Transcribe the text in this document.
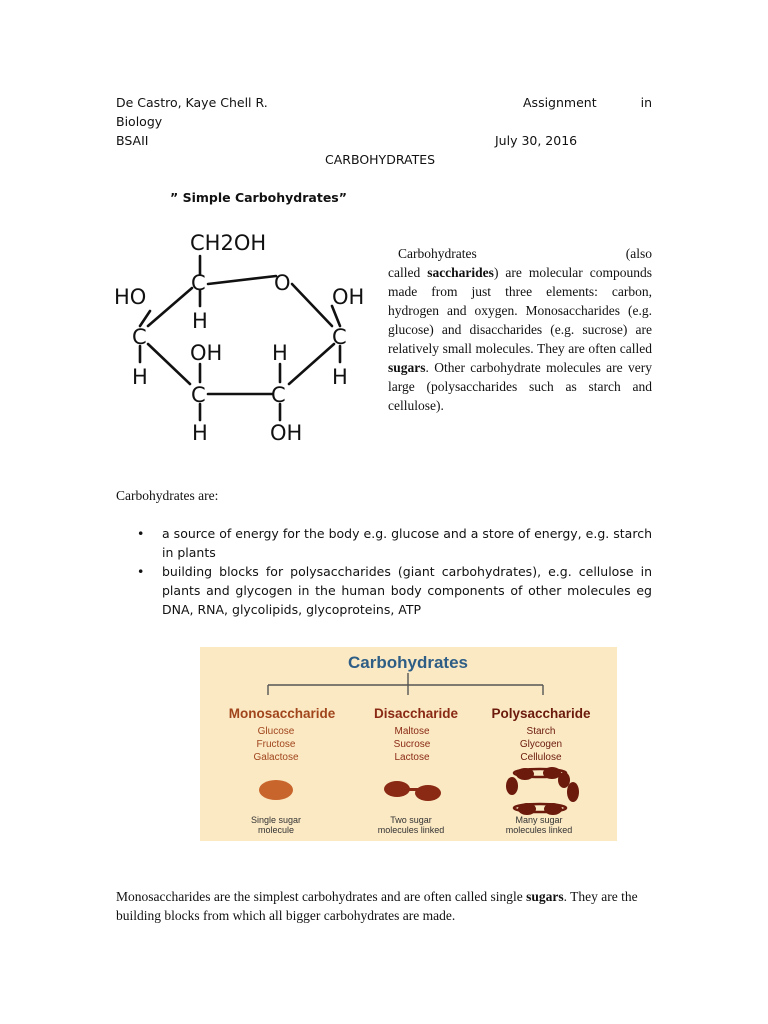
De Castro, Kaye Chell R.	Assignment	in
Biology
BSAII	July 30, 2016
CARBOHYDRATES
” Simple Carbohydrates”
CH2OH
C
H
O
HO	OH
C	C
H	H
OH H
C	C
H	OH
Carbohydrates	(also
called saccharides) are molecular compounds made from just three elements: carbon, hydrogen and oxygen. Monosaccharides (e.g. glucose) and disaccharides (e.g. sucrose) are relatively small molecules. They are often called sugars. Other carbohydrate molecules are very large (polysaccharides such as starch and cellulose).
Carbohydrates are:
• a source of energy for the body e.g. glucose and a store of energy, e.g. starch in plants
• building blocks for polysaccharides (giant carbohydrates), e.g. cellulose in plants and glycogen in the human body components of other molecules eg DNA, RNA, glycolipids, glycoproteins, ATP
Carbohydrates
Monosaccharide
Glucose
Fructose
Galactose
Single sugar
molecule
Disaccharide
Maltose
Sucrose
Lactose
Two sugar
molecules linked
Polysaccharide
Starch
Glycogen
Cellulose
Many sugar
molecules linked
Monosaccharides are the simplest carbohydrates and are often called single sugars. They are the building blocks from which all bigger carbohydrates are made.
